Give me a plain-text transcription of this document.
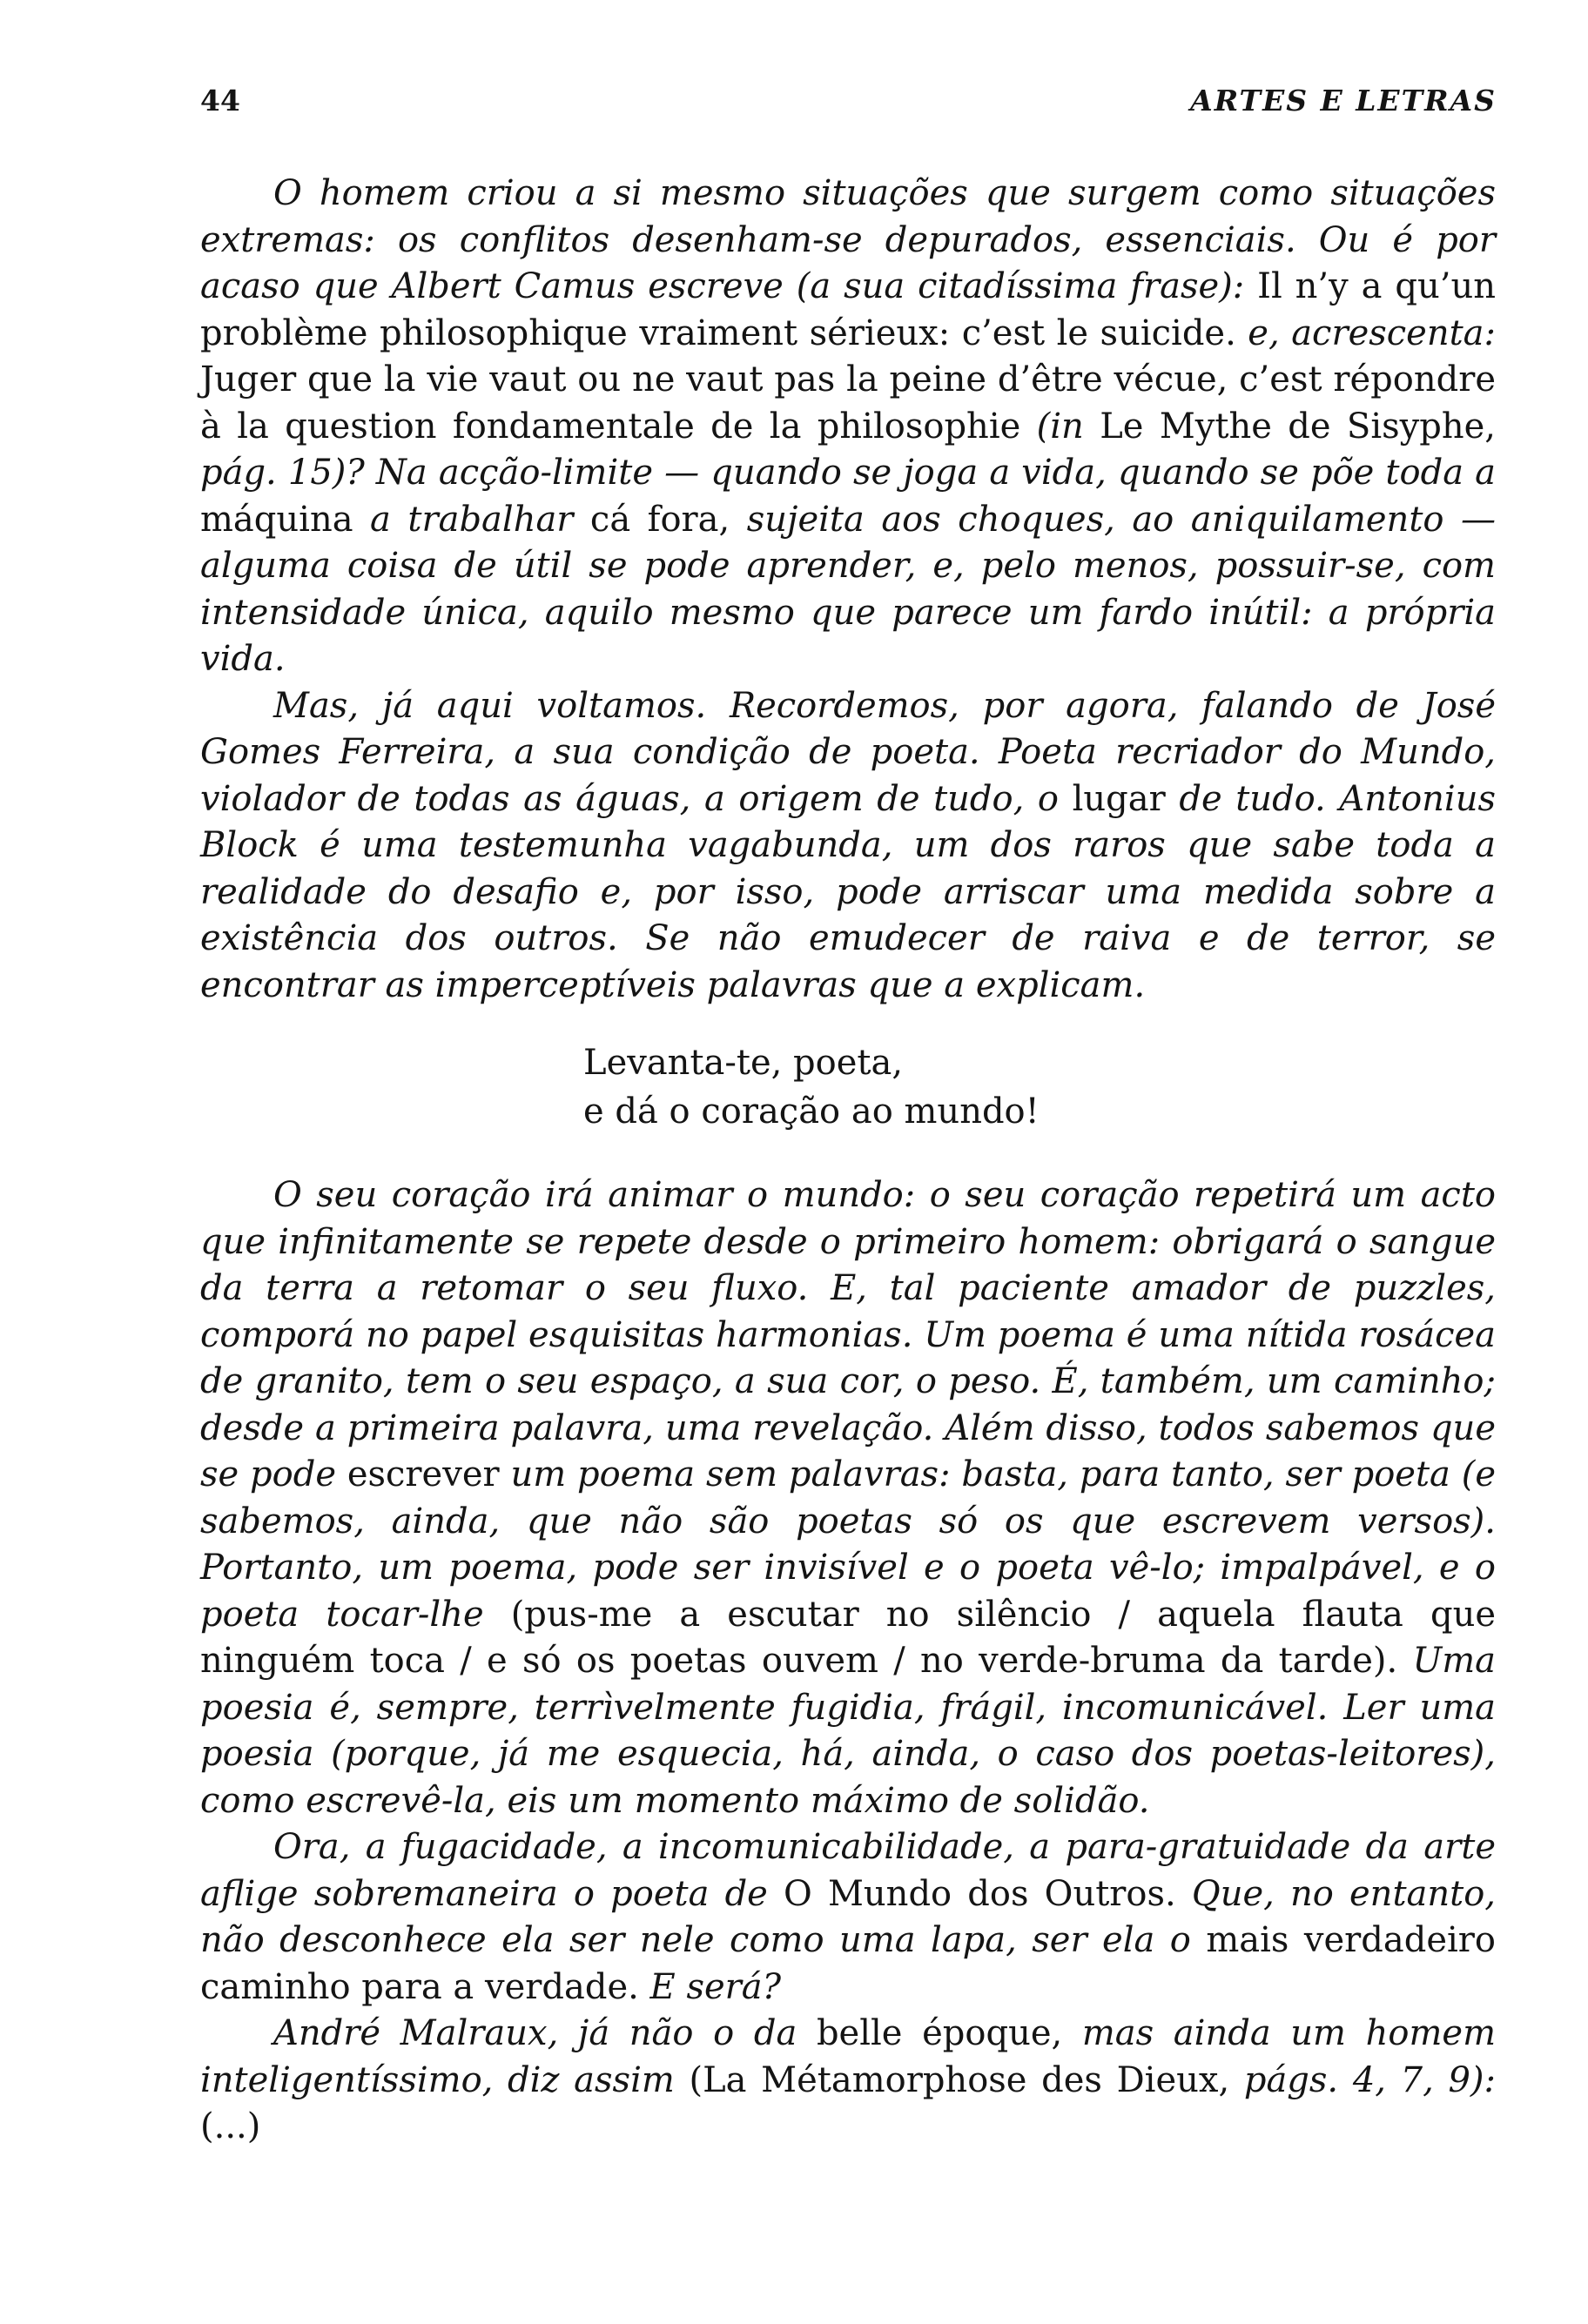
44	ARTES E LETRAS

O homem criou a si mesmo situações que surgem como situações extremas: os conflitos desenham-se depurados, essenciais. Ou é por acaso que Albert Camus escreve (a sua citadíssima frase): Il n’y a qu’un problème philosophique vraiment sérieux: c’est le suicide. e, acrescenta: Juger que la vie vaut ou ne vaut pas la peine d’être vécue, c’est répondre à la question fondamentale de la philosophie (in Le Mythe de Sisyphe, pág. 15)? Na acção-limite — quando se joga a vida, quando se põe toda a máquina a trabalhar cá fora, sujeita aos choques, ao aniquilamento — alguma coisa de útil se pode aprender, e, pelo menos, possuir-se, com intensidade única, aquilo mesmo que parece um fardo inútil: a própria vida.

Mas, já aqui voltamos. Recordemos, por agora, falando de José Gomes Ferreira, a sua condição de poeta. Poeta recriador do Mundo, violador de todas as águas, a origem de tudo, o lugar de tudo. Antonius Block é uma testemunha vagabunda, um dos raros que sabe toda a realidade do desafio e, por isso, pode arriscar uma medida sobre a existência dos outros. Se não emudecer de raiva e de terror, se encontrar as imperceptíveis palavras que a explicam.

Levanta-te, poeta,
e dá o coração ao mundo!

O seu coração irá animar o mundo: o seu coração repetirá um acto que infinitamente se repete desde o primeiro homem: obrigará o sangue da terra a retomar o seu fluxo. E, tal paciente amador de puzzles, comporá no papel esquisitas harmonias. Um poema é uma nítida rosácea de granito, tem o seu espaço, a sua cor, o peso. É, também, um caminho; desde a primeira palavra, uma revelação. Além disso, todos sabemos que se pode escrever um poema sem palavras: basta, para tanto, ser poeta (e sabemos, ainda, que não são poetas só os que escrevem versos). Portanto, um poema, pode ser invisível e o poeta vê-lo; impalpável, e o poeta tocar-lhe (pus-me a escutar no silêncio / aquela flauta que ninguém toca / e só os poetas ouvem / no verde-bruma da tarde). Uma poesia é, sempre, terrìvelmente fugidia, frágil, incomunicável. Ler uma poesia (porque, já me esquecia, há, ainda, o caso dos poetas-leitores), como escrevê-la, eis um momento máximo de solidão.

Ora, a fugacidade, a incomunicabilidade, a para-gratuidade da arte aflige sobremaneira o poeta de O Mundo dos Outros. Que, no entanto, não desconhece ela ser nele como uma lapa, ser ela o mais verdadeiro caminho para a verdade. E será?

André Malraux, já não o da belle époque, mas ainda um homem inteligentíssimo, diz assim (La Métamorphose des Dieux, págs. 4, 7, 9): (...)
